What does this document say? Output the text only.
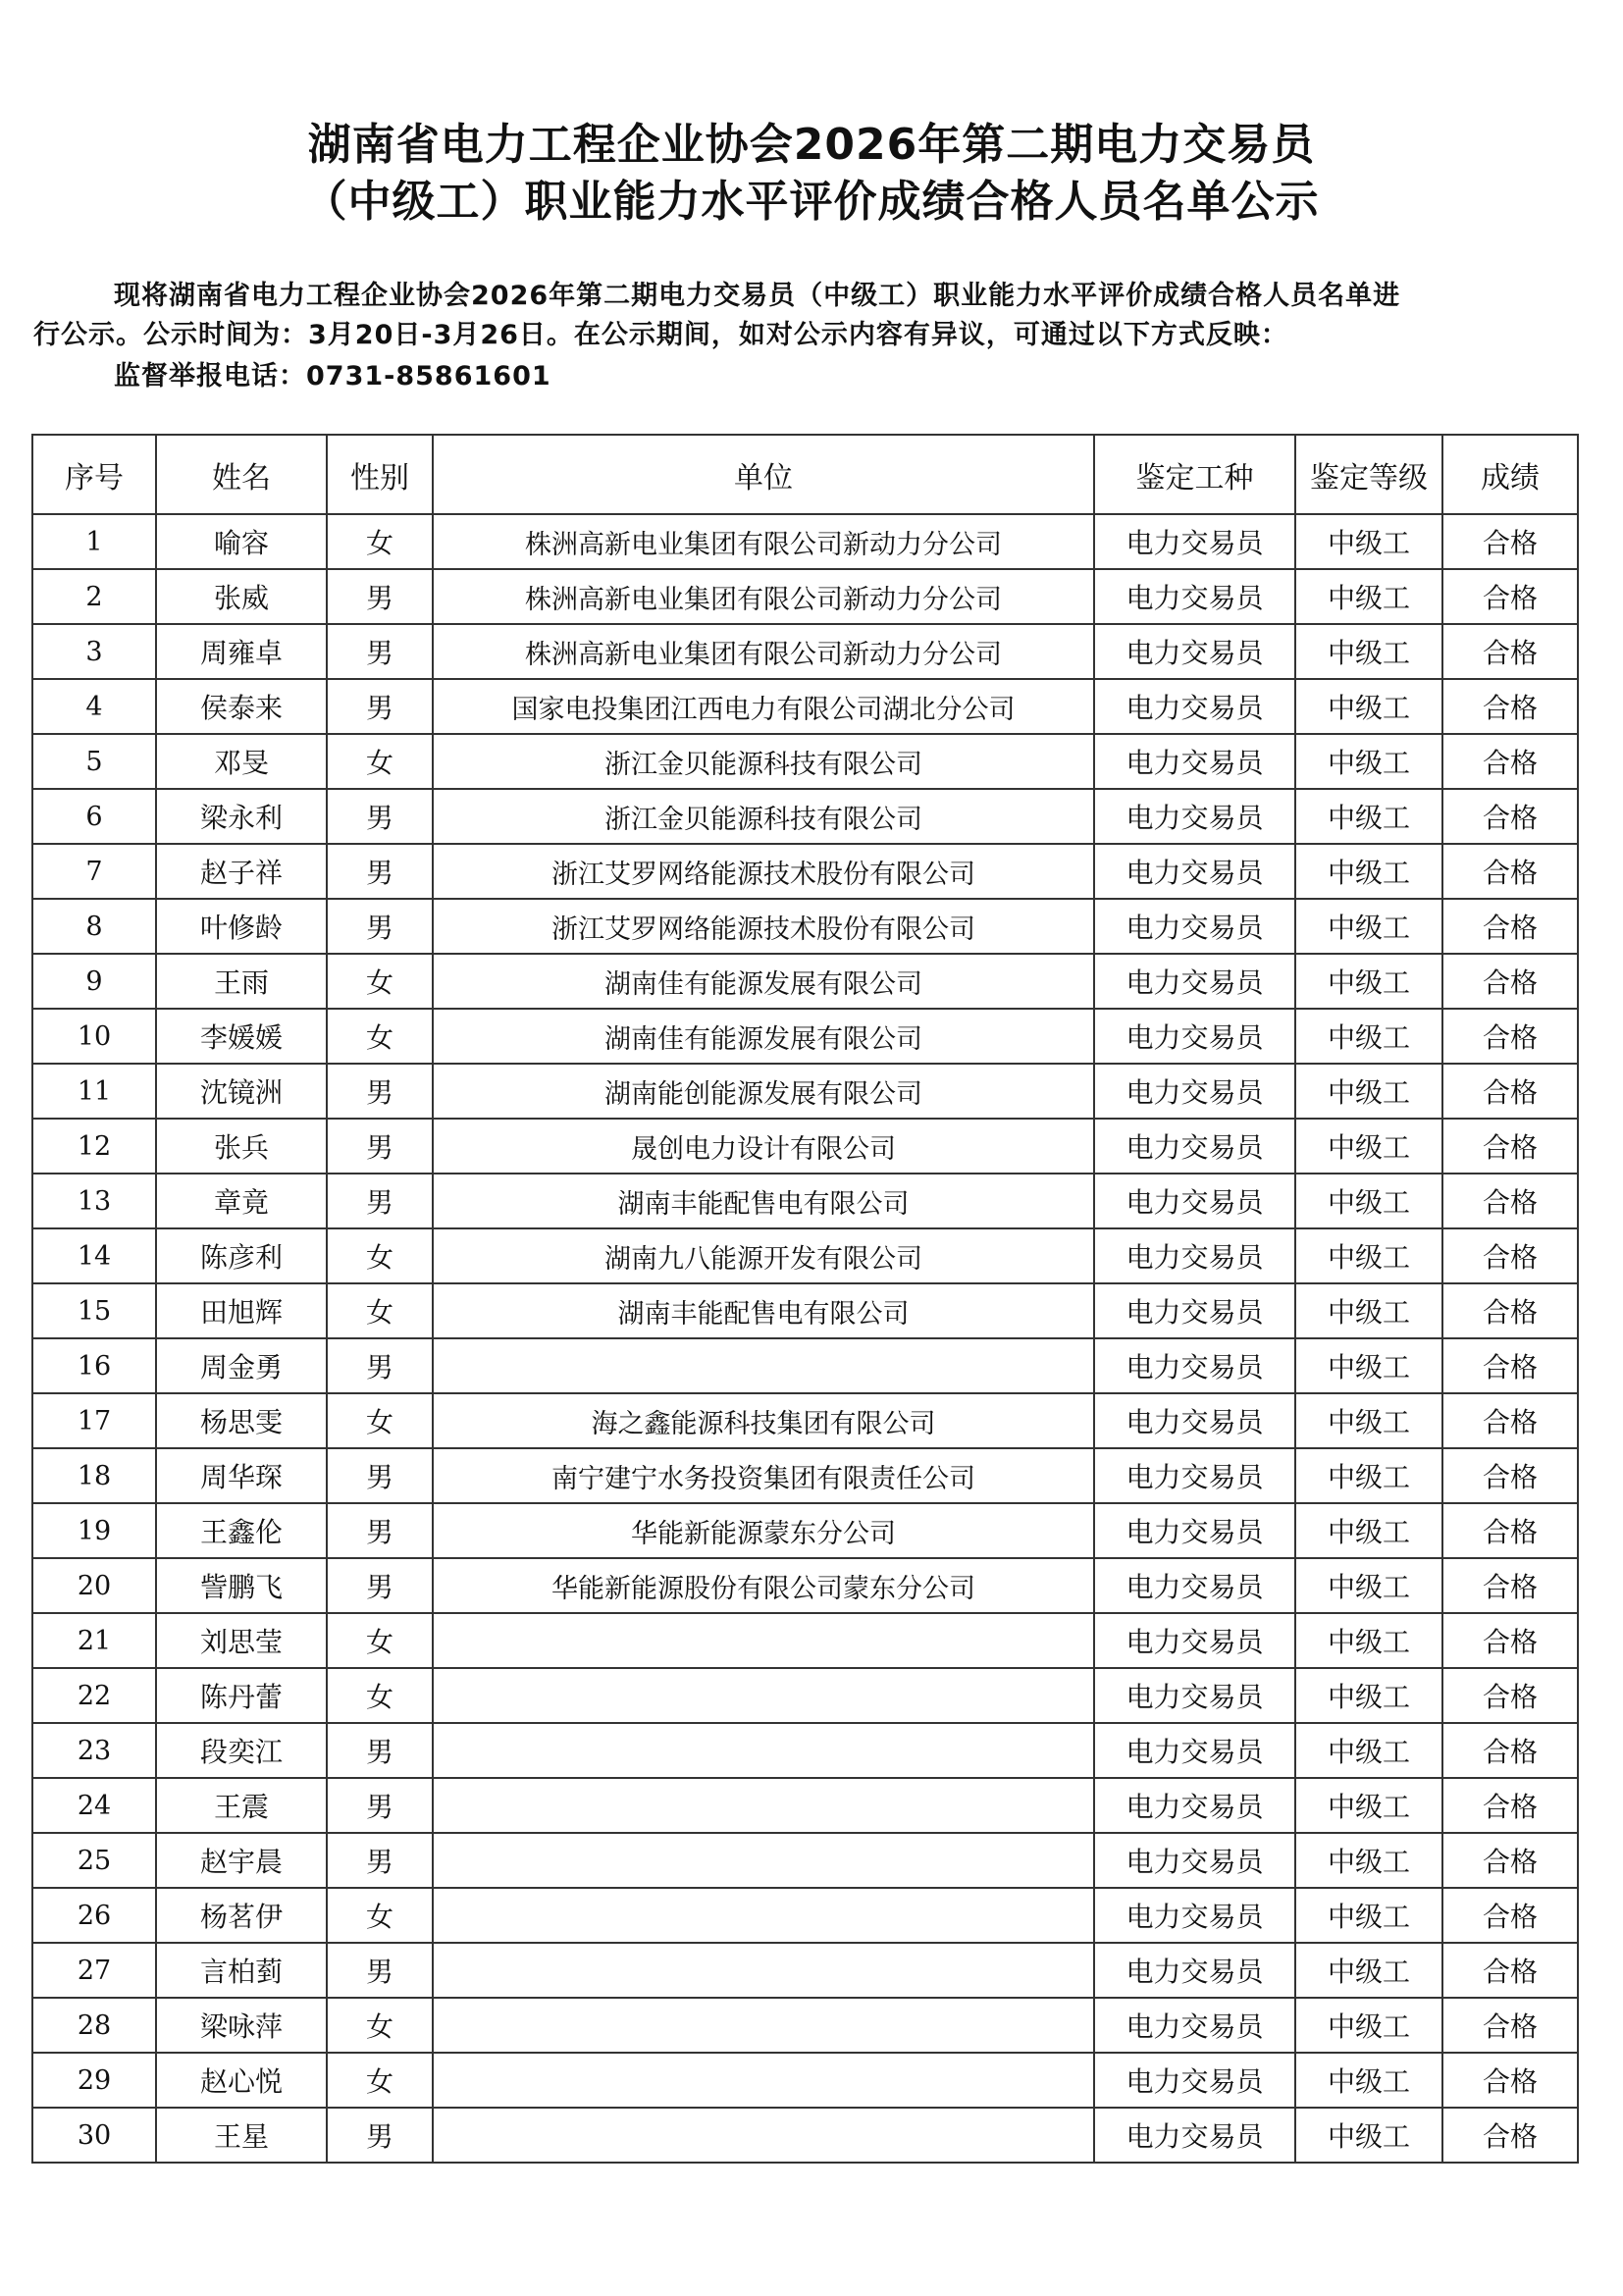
湖南省电力工程企业协会2026年第二期电力交易员
（中级工）职业能力水平评价成绩合格人员名单公示
现将湖南省电力工程企业协会2026年第二期电力交易员（中级工）职业能力水平评价成绩合格人员名单进
行公示。公示时间为：3月20日-3月26日。在公示期间，如对公示内容有异议，可通过以下方式反映：
监督举报电话：0731-85861601
序号	姓名	性别	单位	鉴定工种	鉴定等级	成绩
1	喻容	女	株洲高新电业集团有限公司新动力分公司	电力交易员	中级工	合格
2	张威	男	株洲高新电业集团有限公司新动力分公司	电力交易员	中级工	合格
3	周雍卓	男	株洲高新电业集团有限公司新动力分公司	电力交易员	中级工	合格
4	侯泰来	男	国家电投集团江西电力有限公司湖北分公司	电力交易员	中级工	合格
5	邓旻	女	浙江金贝能源科技有限公司	电力交易员	中级工	合格
6	梁永利	男	浙江金贝能源科技有限公司	电力交易员	中级工	合格
7	赵子祥	男	浙江艾罗网络能源技术股份有限公司	电力交易员	中级工	合格
8	叶修龄	男	浙江艾罗网络能源技术股份有限公司	电力交易员	中级工	合格
9	王雨	女	湖南佳有能源发展有限公司	电力交易员	中级工	合格
10	李媛媛	女	湖南佳有能源发展有限公司	电力交易员	中级工	合格
11	沈镜洲	男	湖南能创能源发展有限公司	电力交易员	中级工	合格
12	张兵	男	晟创电力设计有限公司	电力交易员	中级工	合格
13	章竟	男	湖南丰能配售电有限公司	电力交易员	中级工	合格
14	陈彦利	女	湖南九八能源开发有限公司	电力交易员	中级工	合格
15	田旭辉	女	湖南丰能配售电有限公司	电力交易员	中级工	合格
16	周金勇	男		电力交易员	中级工	合格
17	杨思雯	女	海之鑫能源科技集团有限公司	电力交易员	中级工	合格
18	周华琛	男	南宁建宁水务投资集团有限责任公司	电力交易员	中级工	合格
19	王鑫伦	男	华能新能源蒙东分公司	电力交易员	中级工	合格
20	訾鹏飞	男	华能新能源股份有限公司蒙东分公司	电力交易员	中级工	合格
21	刘思莹	女		电力交易员	中级工	合格
22	陈丹蕾	女		电力交易员	中级工	合格
23	段奕江	男		电力交易员	中级工	合格
24	王震	男		电力交易员	中级工	合格
25	赵宇晨	男		电力交易员	中级工	合格
26	杨茗伊	女		电力交易员	中级工	合格
27	言柏菿	男		电力交易员	中级工	合格
28	梁咏萍	女		电力交易员	中级工	合格
29	赵心悦	女		电力交易员	中级工	合格
30	王星	男		电力交易员	中级工	合格
